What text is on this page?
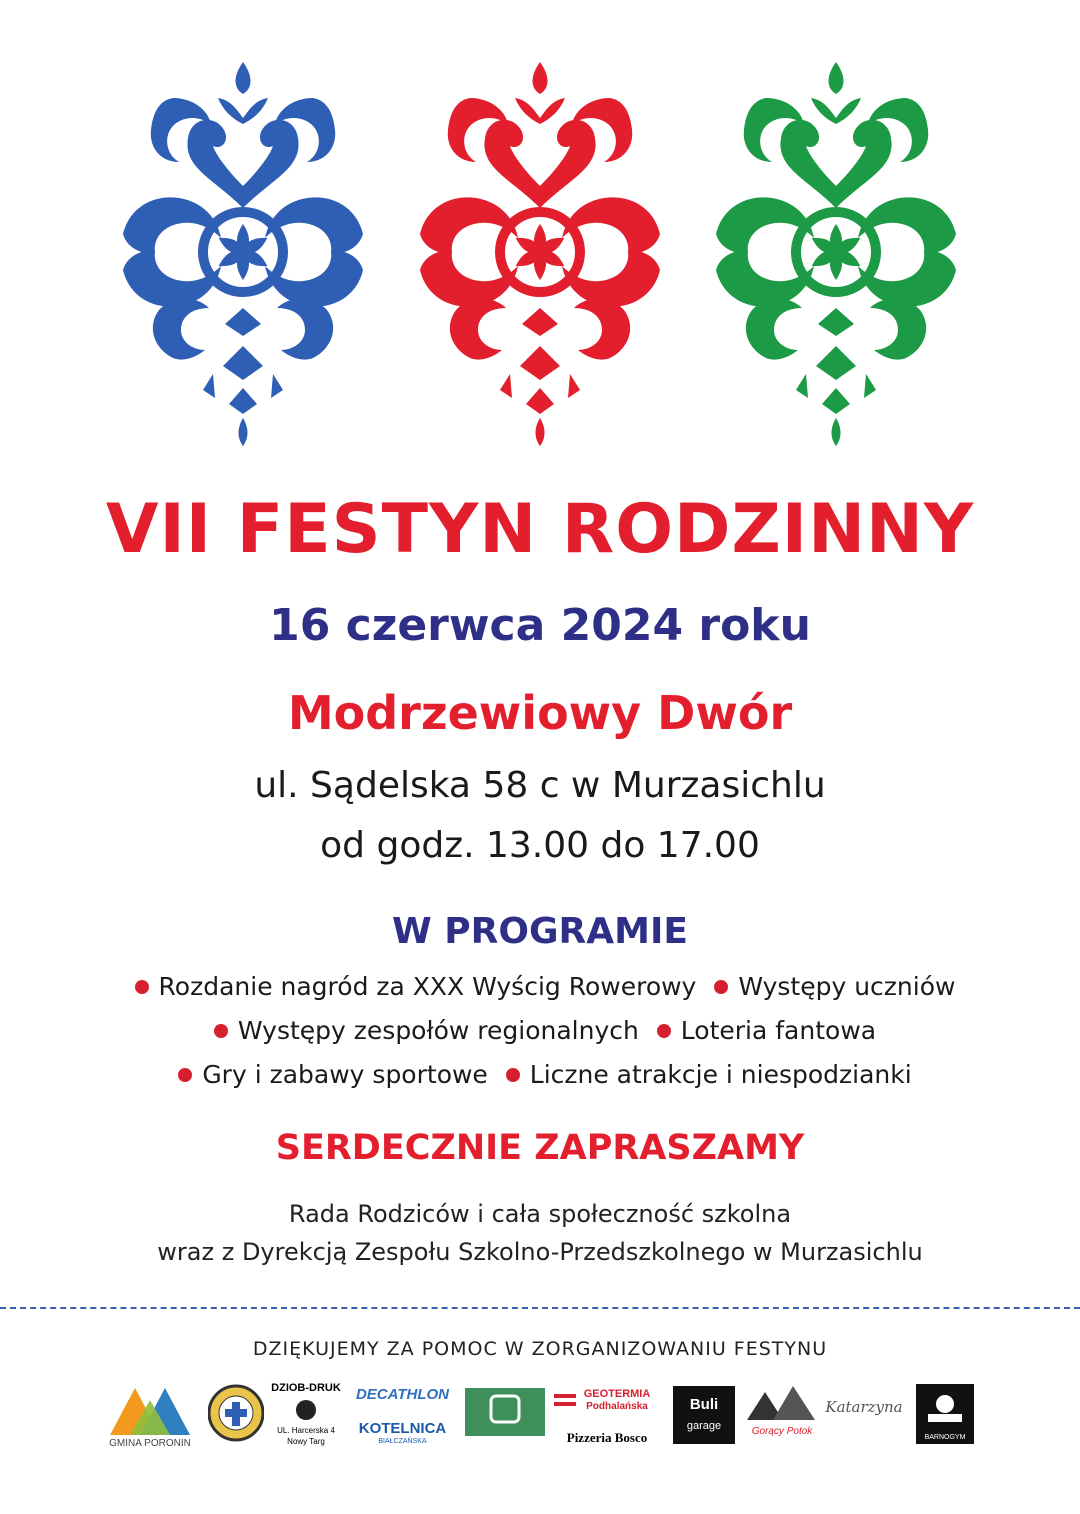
VII FESTYN RODZINNY
16 czerwca 2024 roku
Modrzewiowy Dwór
ul. Sądelska 58 c w Murzasichlu
od godz. 13.00 do 17.00
W PROGRAMIE
Rozdanie nagród za XXX Wyścig Rowerowy Występy uczniów
Występy zespołów regionalnych Loteria fantowa
Gry i zabawy sportowe Liczne atrakcje i niespodzianki
SERDECZNIE ZAPRASZAMY
Rada Rodziców i cała społeczność szkolna
wraz z Dyrekcją Zespołu Szkolno-Przedszkolnego w Murzasichlu
DZIĘKUJEMY ZA POMOC W ZORGANIZOWANIU FESTYNU
GMINA PORONIN
DZIOB-DRUK
UL. Harcerska 4
Nowy Targ
DECATHLON
KOTELNICA
BIAŁCZAŃSKA
GEOTERMIA
Podhalańska
Pizzeria Bosco
Buli
garage	Gorący Potok
Katarzyna
BARNOGYM
